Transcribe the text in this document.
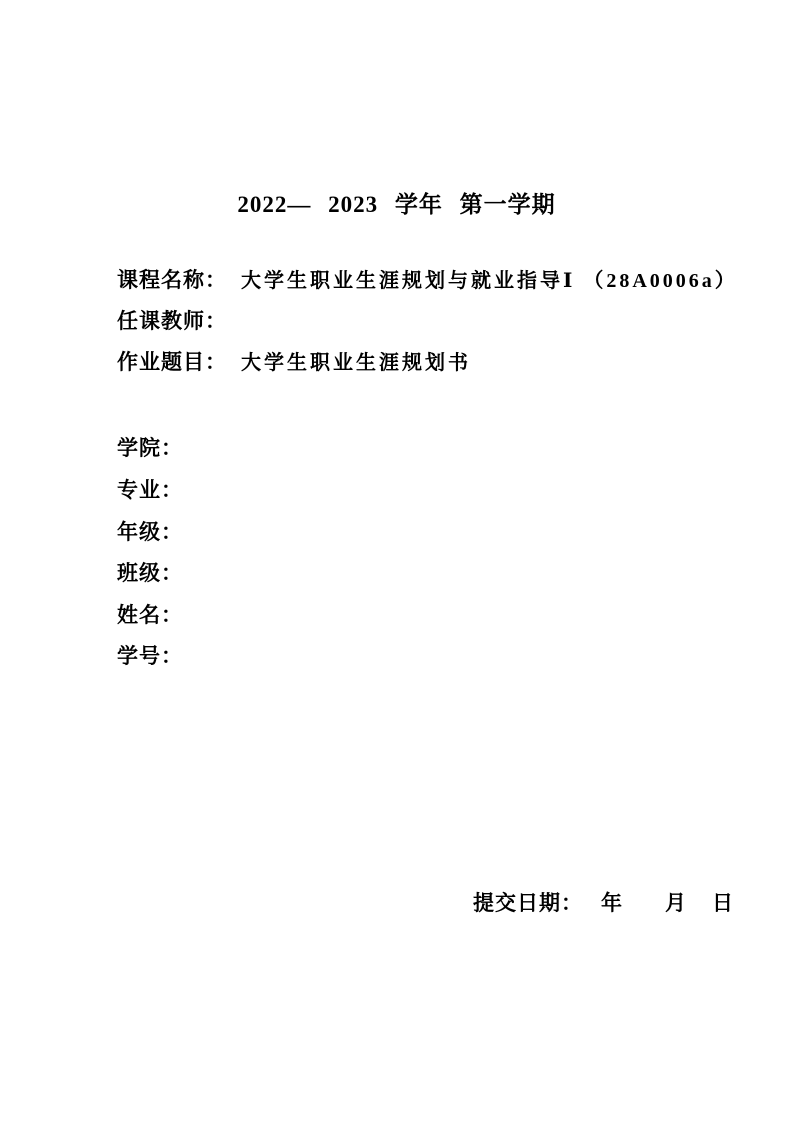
2022— 2023 学年 第一学期
课程名称： 大学生职业生涯规划与就业指导Ⅰ （28A0006a）
任课教师：
作业题目： 大学生职业生涯规划书
学院：
专业：
年级：
班级：
姓名：
学号：
提交日期： 年 月 日
